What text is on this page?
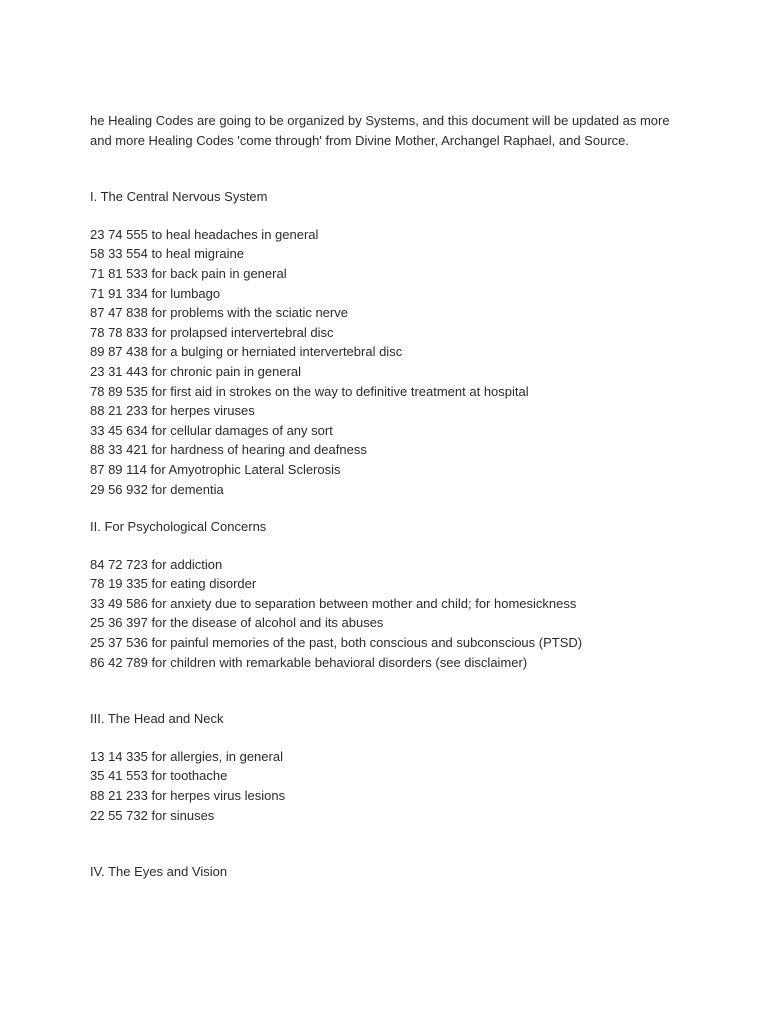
he Healing Codes are going to be organized by Systems, and this document will be updated as more

and more Healing Codes 'come through' from Divine Mother, Archangel Raphael, and Source.

I. The Central Nervous System
23 74 555 to heal headaches in general
58 33 554 to heal migraine
71 81 533 for back pain in general
71 91 334 for lumbago
87 47 838 for problems with the sciatic nerve
78 78 833 for prolapsed intervertebral disc
89 87 438 for a bulging or herniated intervertebral disc
23 31 443 for chronic pain in general
78 89 535 for first aid in strokes on the way to definitive treatment at hospital
88 21 233 for herpes viruses
33 45 634 for cellular damages of any sort
88 33 421 for hardness of hearing and deafness
87 89 114 for Amyotrophic Lateral Sclerosis
29 56 932 for dementia
II. For Psychological Concerns
84 72 723 for addiction
78 19 335 for eating disorder
33 49 586 for anxiety due to separation between mother and child; for homesickness
25 36 397 for the disease of alcohol and its abuses
25 37 536 for painful memories of the past, both conscious and subconscious (PTSD)
86 42 789 for children with remarkable behavioral disorders (see disclaimer)
III. The Head and Neck
13 14 335 for allergies, in general
35 41 553 for toothache
88 21 233 for herpes virus lesions
22 55 732 for sinuses
IV. The Eyes and Vision
